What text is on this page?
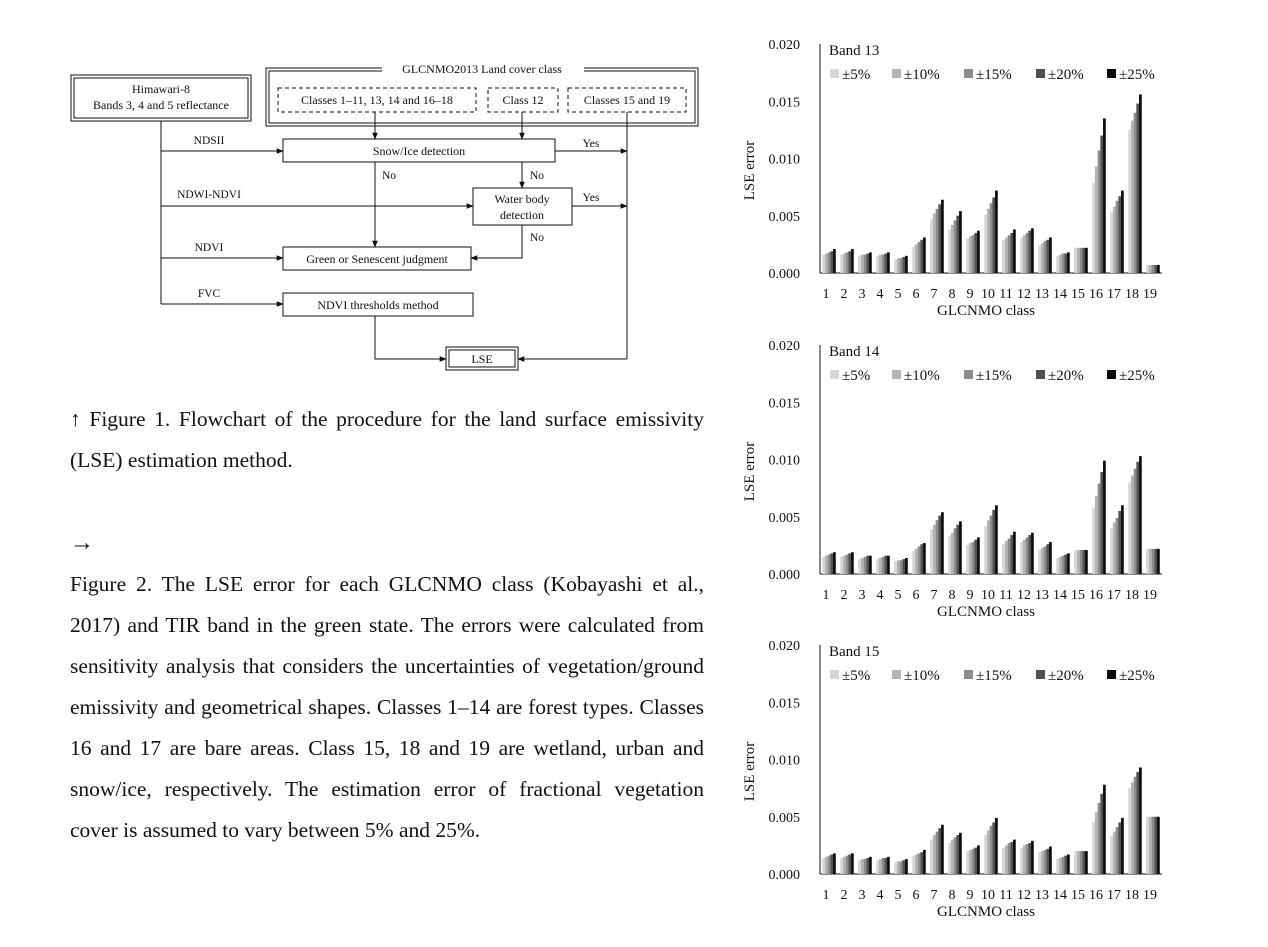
Himawari-8
Bands 3, 4 and 5 reflectance
GLCNMO2013 Land cover class
Classes 1–11, 13, 14 and 16–18	Class 12	Classes 15 and 19
Snow/Ice detection
Water body
detection
Green or Senescent judgment
NDVI thresholds method
LSE
NDSII
NDWI-NDVI
NDVI
FVC
Yes
Yes
No	No
No
↑ Figure 1. Flowchart of the procedure for the land surface emissivity (LSE) estimation method.
→
Figure 2. The LSE error for each GLCNMO class (Kobayashi et al., 2017) and TIR band in the green state. The errors were calculated from sensitivity analysis that considers the uncertainties of vegetation/ground emissivity and geometrical shapes. Classes 1–14 are forest types. Classes 16 and 17 are bare areas. Class 15, 18 and 19 are wetland, urban and snow/ice, respectively. The estimation error of fractional vegetation cover is assumed to vary between 5% and 25%.
0.000
0.005
0.010
0.015
0.020
1 2 3 4 5 6 7 8 9 10 11 12 13 14 15 16 17 18 19
Band 13
±5% ±10% ±15% ±20% ±25%
GLCNMO class
LSE error
0.000
0.005
0.010
0.015
0.020
1 2 3 4 5 6 7 8 9 10 11 12 13 14 15 16 17 18 19
Band 14
±5% ±10% ±15% ±20% ±25%
GLCNMO class
LSE error
0.000
0.005
0.010
0.015
0.020
1 2 3 4 5 6 7 8 9 10 11 12 13 14 15 16 17 18 19
Band 15
±5% ±10% ±15% ±20% ±25%
GLCNMO class
LSE error
